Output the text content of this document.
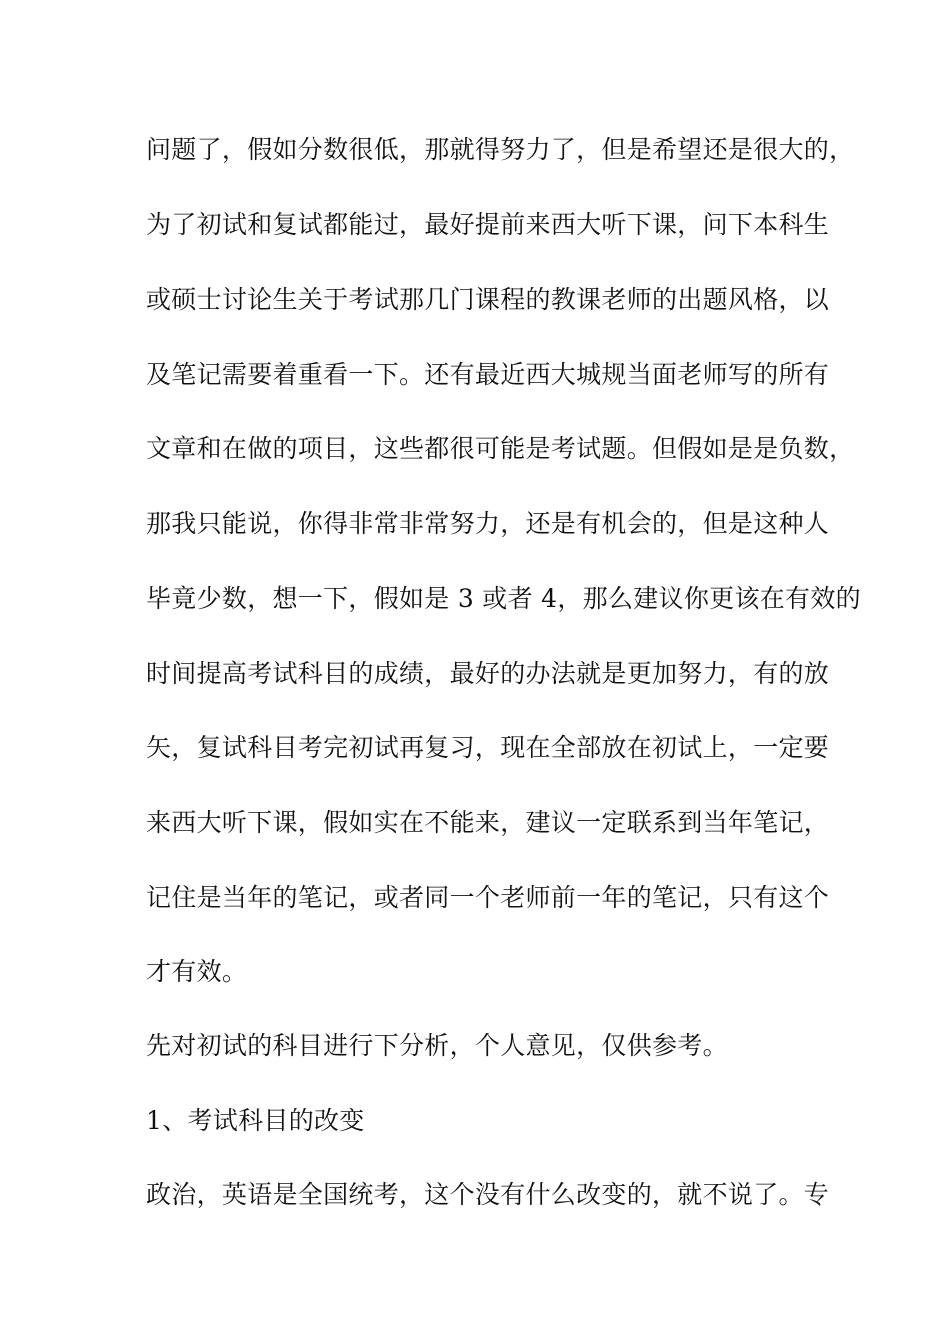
问题了，假如分数很低，那就得努力了，但是希望还是很大的，
为了初试和复试都能过，最好提前来西大听下课，问下本科生
或硕士讨论生关于考试那几门课程的教课老师的出题风格，以
及笔记需要着重看一下。还有最近西大城规当面老师写的所有
文章和在做的项目，这些都很可能是考试题。但假如是是负数，
那我只能说，你得非常非常努力，还是有机会的，但是这种人
毕竟少数，想一下，假如是 3 或者 4，那么建议你更该在有效的
时间提高考试科目的成绩，最好的办法就是更加努力，有的放
矢，复试科目考完初试再复习，现在全部放在初试上，一定要
来西大听下课，假如实在不能来，建议一定联系到当年笔记，
记住是当年的笔记，或者同一个老师前一年的笔记，只有这个
才有效。
先对初试的科目进行下分析，个人意见，仅供参考。
1、考试科目的改变
政治，英语是全国统考，这个没有什么改变的，就不说了。专
